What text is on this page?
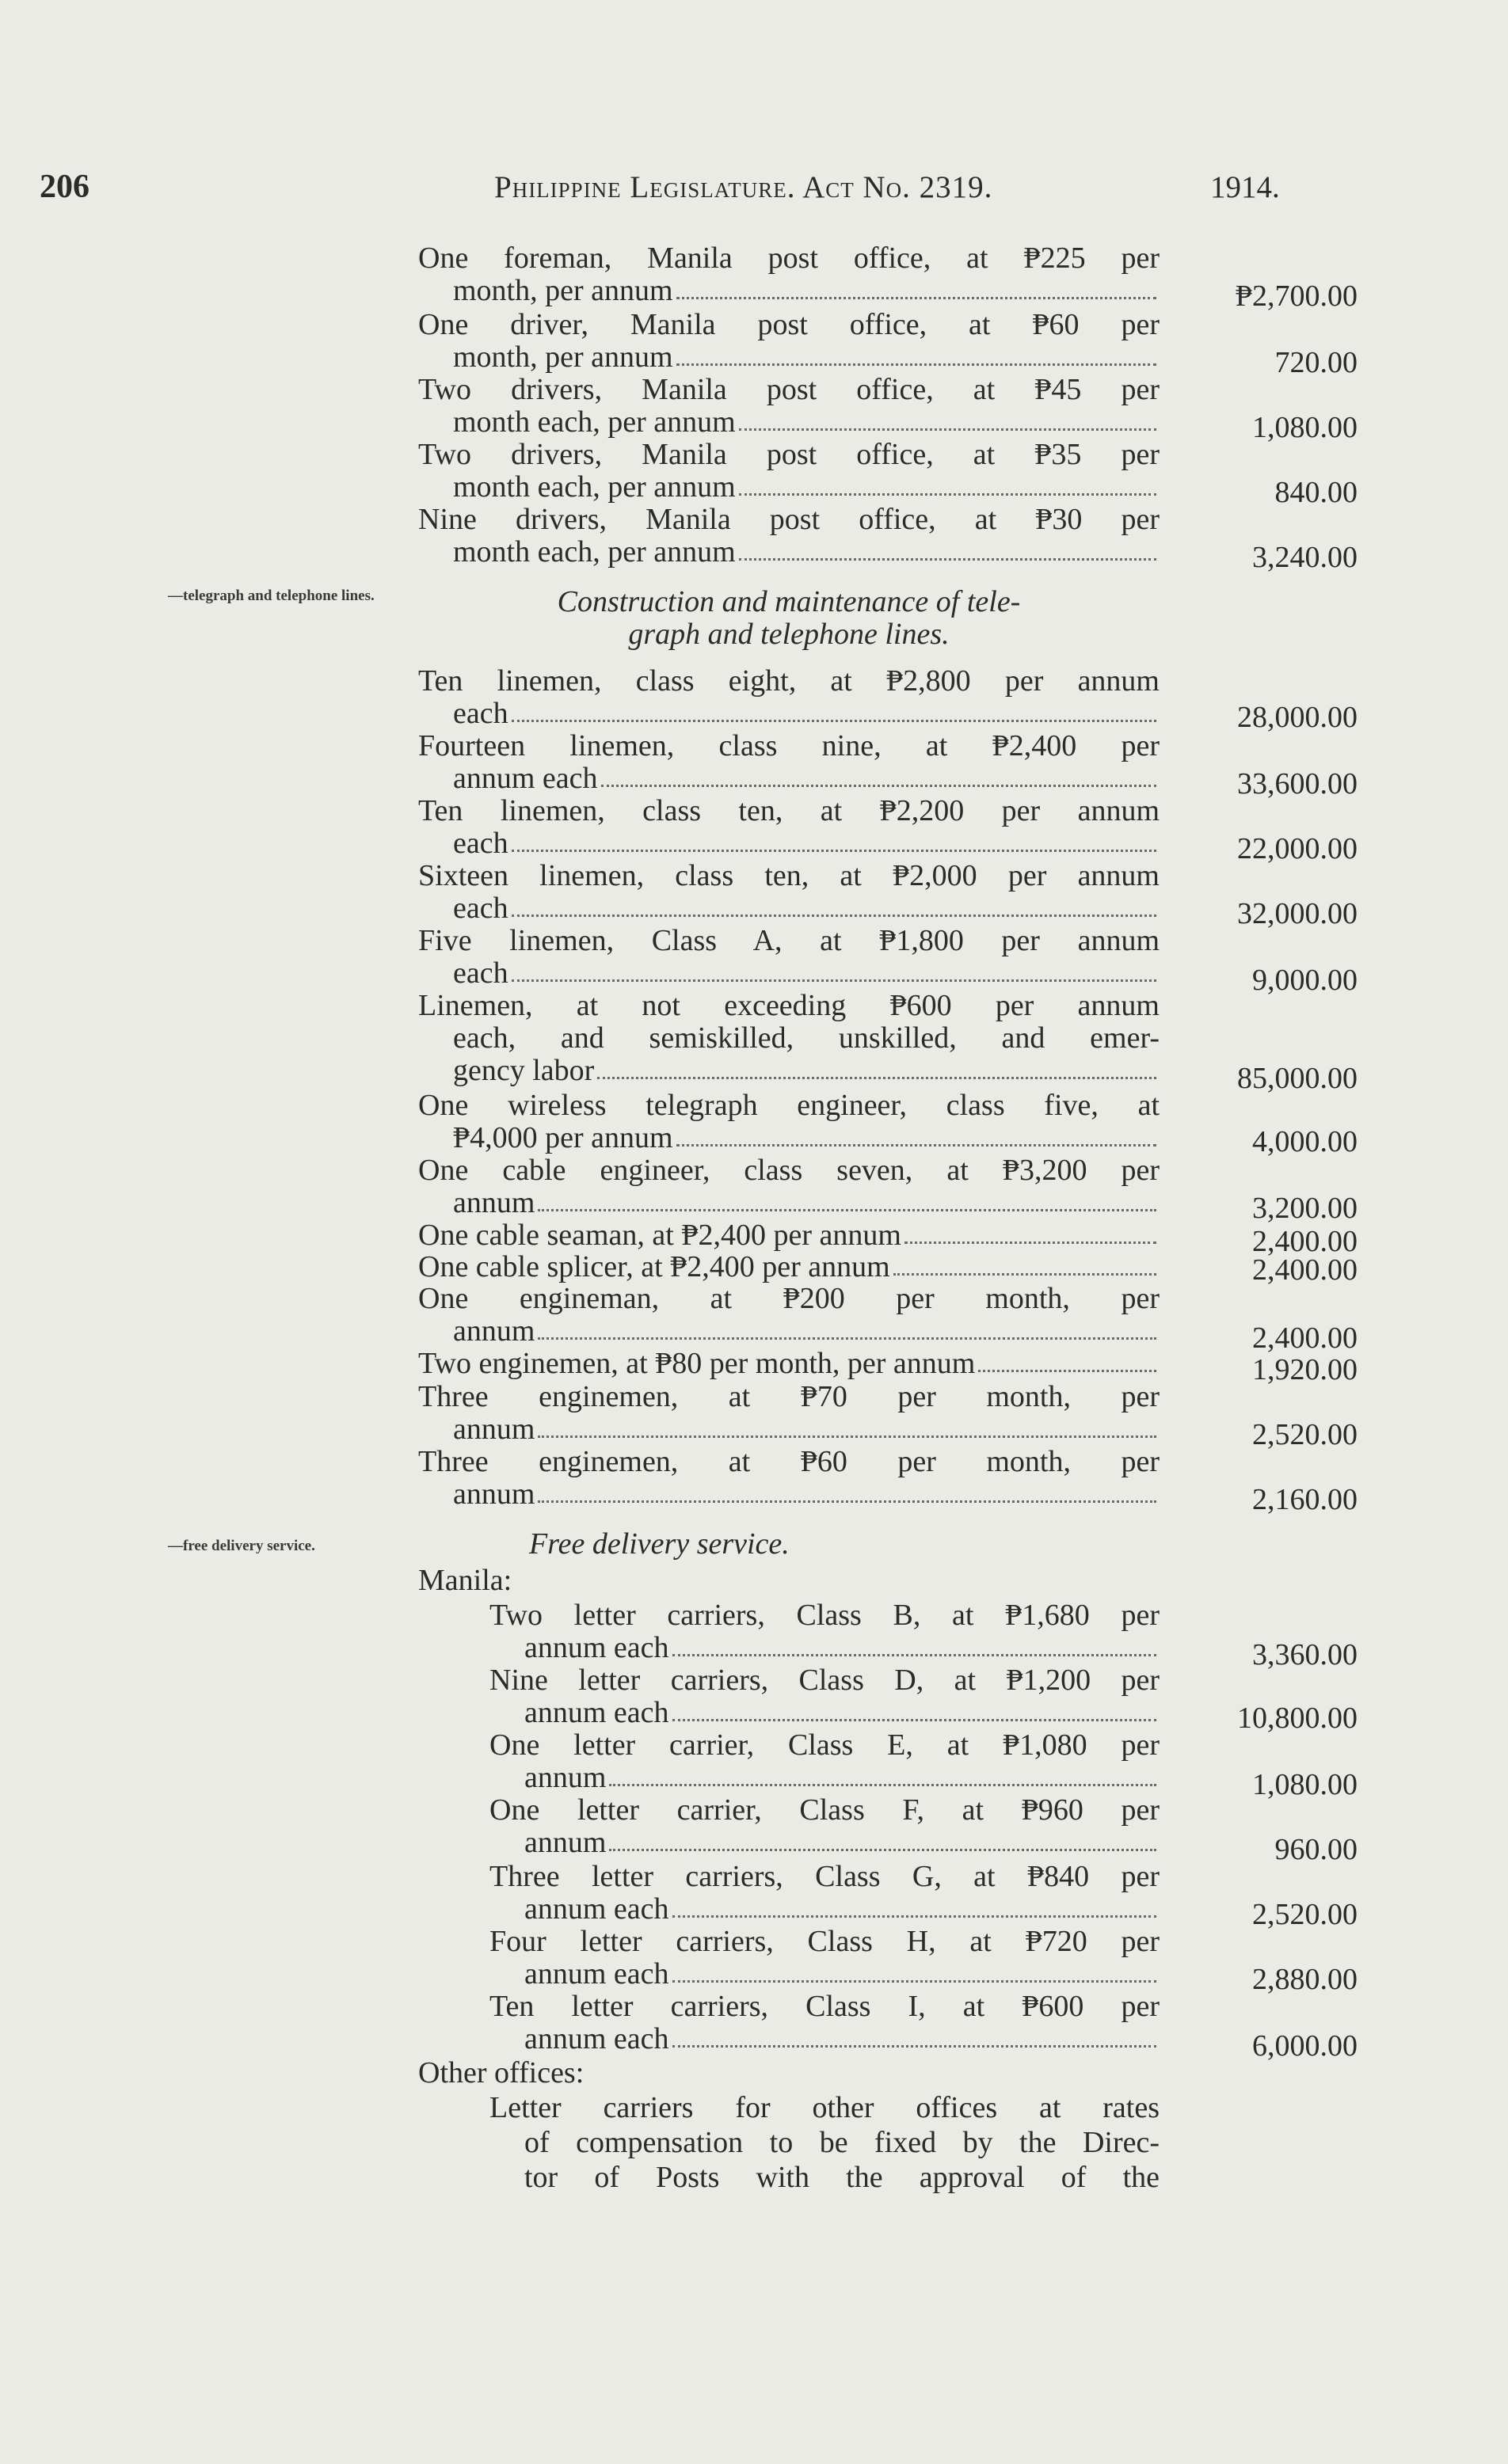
206	Philippine Legislature. Act No. 2319.	1914.
One foreman, Manila post office, at ₱225 per
month, per annum	₱2,700.00
One driver, Manila post office, at ₱60 per
month, per annum	720.00
Two drivers, Manila post office, at ₱45 per
month each, per annum	1,080.00
Two drivers, Manila post office, at ₱35 per
month each, per annum	840.00
Nine drivers, Manila post office, at ₱30 per
month each, per annum	3,240.00
—telegraph and telephone lines.	Construction and maintenance of tele-
graph and telephone lines.
Ten linemen, class eight, at ₱2,800 per annum
each	28,000.00
Fourteen linemen, class nine, at ₱2,400 per
annum each	33,600.00
Ten linemen, class ten, at ₱2,200 per annum
each	22,000.00
Sixteen linemen, class ten, at ₱2,000 per annum
each	32,000.00
Five linemen, Class A, at ₱1,800 per annum
each	9,000.00
Linemen, at not exceeding ₱600 per annum
each, and semiskilled, unskilled, and emer-
gency labor	85,000.00
One wireless telegraph engineer, class five, at
₱4,000 per annum	4,000.00
One cable engineer, class seven, at ₱3,200 per
annum	3,200.00
One cable seaman, at ₱2,400 per annum	2,400.00
One cable splicer, at ₱2,400 per annum	2,400.00
One engineman, at ₱200 per month, per
annum	2,400.00
Two enginemen, at ₱80 per month, per annum	1,920.00
Three enginemen, at ₱70 per month, per
annum	2,520.00
Three enginemen, at ₱60 per month, per
annum	2,160.00
—free delivery service.	Free delivery service.
Manila:
Two letter carriers, Class B, at ₱1,680 per
annum each	3,360.00
Nine letter carriers, Class D, at ₱1,200 per
annum each	10,800.00
One letter carrier, Class E, at ₱1,080 per
annum	1,080.00
One letter carrier, Class F, at ₱960 per
annum	960.00
Three letter carriers, Class G, at ₱840 per
annum each	2,520.00
Four letter carriers, Class H, at ₱720 per
annum each	2,880.00
Ten letter carriers, Class I, at ₱600 per
annum each	6,000.00
Other offices:
Letter carriers for other offices at rates
of compensation to be fixed by the Direc-
tor of Posts with the approval of the
